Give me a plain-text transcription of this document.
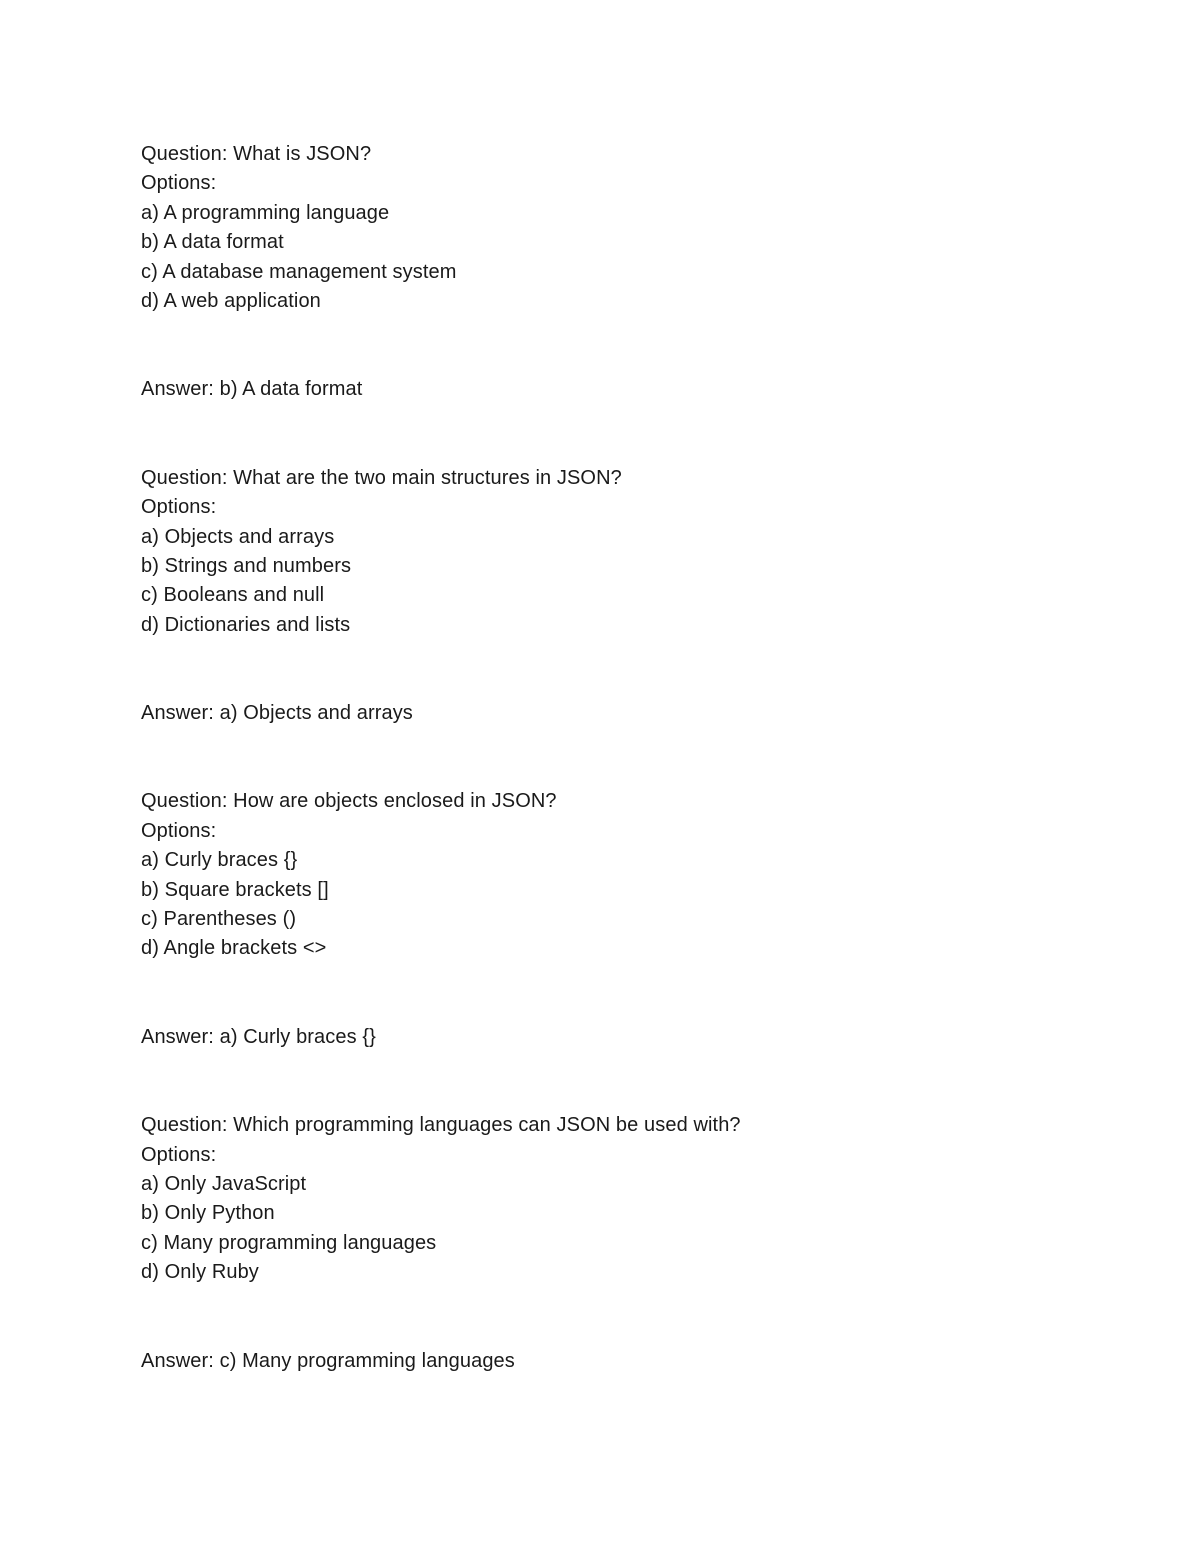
Question: What is JSON?
Options:
a) A programming language
b) A data format
c) A database management system
d) A web application
Answer: b) A data format
Question: What are the two main structures in JSON?
Options:
a) Objects and arrays
b) Strings and numbers
c) Booleans and null
d) Dictionaries and lists
Answer: a) Objects and arrays
Question: How are objects enclosed in JSON?
Options:
a) Curly braces {}
b) Square brackets []
c) Parentheses ()
d) Angle brackets <>
Answer: a) Curly braces {}
Question: Which programming languages can JSON be used with?
Options:
a) Only JavaScript
b) Only Python
c) Many programming languages
d) Only Ruby
Answer: c) Many programming languages
